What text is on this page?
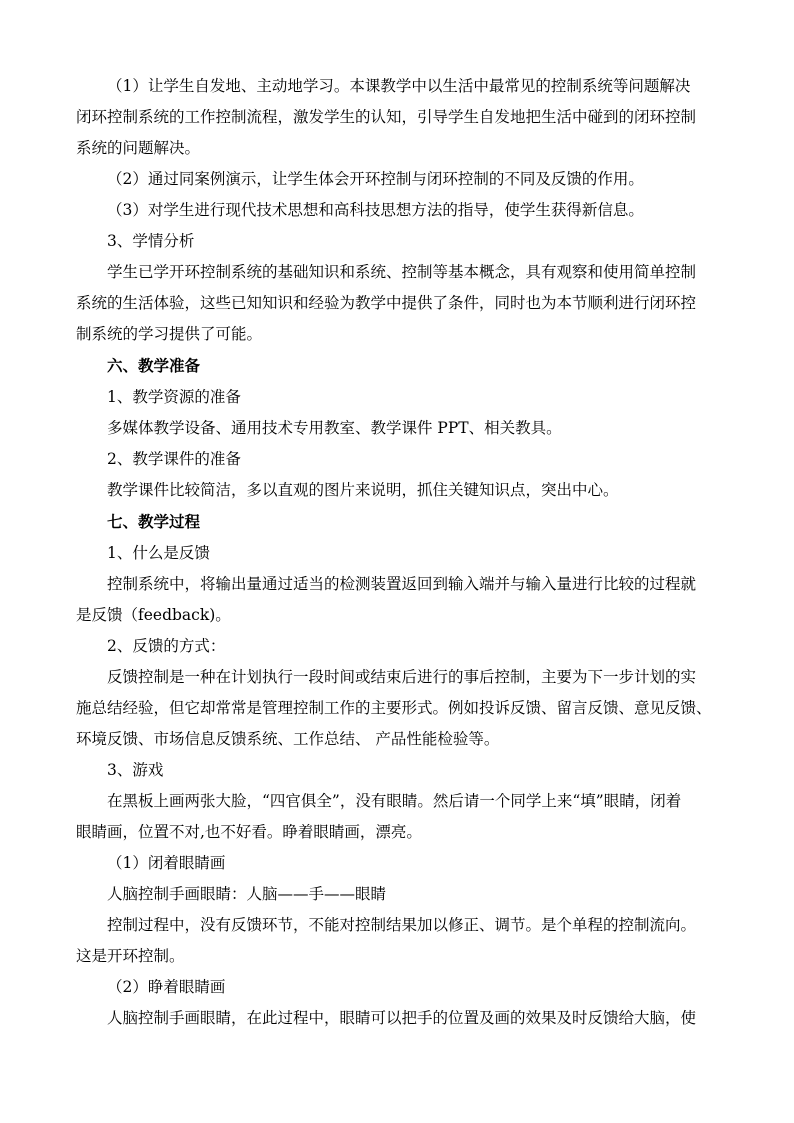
（1）让学生自发地、主动地学习。本课教学中以生活中最常见的控制系统等问题解决
闭环控制系统的工作控制流程，激发学生的认知，引导学生自发地把生活中碰到的闭环控制
系统的问题解决。
（2）通过同案例演示，让学生体会开环控制与闭环控制的不同及反馈的作用。
（3）对学生进行现代技术思想和高科技思想方法的指导，使学生获得新信息。
3、学情分析
学生已学开环控制系统的基础知识和系统、控制等基本概念，具有观察和使用简单控制
系统的生活体验，这些已知知识和经验为教学中提供了条件，同时也为本节顺利进行闭环控
制系统的学习提供了可能。
六、教学准备
1、教学资源的准备
多媒体教学设备、通用技术专用教室、教学课件 PPT、相关教具。
2、教学课件的准备
教学课件比较简洁，多以直观的图片来说明，抓住关键知识点，突出中心。
七、教学过程
1、什么是反馈
控制系统中，将输出量通过适当的检测装置返回到输入端并与输入量进行比较的过程就
是反馈（feedback)。
2、反馈的方式：
反馈控制是一种在计划执行一段时间或结束后进行的事后控制，主要为下一步计划的实
施总结经验，但它却常常是管理控制工作的主要形式。例如投诉反馈、留言反馈、意见反馈、
环境反馈、市场信息反馈系统、工作总结、 产品性能检验等。
3、游戏
在黑板上画两张大脸，“四官俱全”，没有眼睛。然后请一个同学上来“填”眼睛，闭着
眼睛画，位置不对,也不好看。睁着眼睛画，漂亮。
（1）闭着眼睛画
人脑控制手画眼睛：人脑——手——眼睛
控制过程中，没有反馈环节，不能对控制结果加以修正、调节。是个单程的控制流向。
这是开环控制。
（2）睁着眼睛画
人脑控制手画眼睛，在此过程中，眼睛可以把手的位置及画的效果及时反馈给大脑，使
